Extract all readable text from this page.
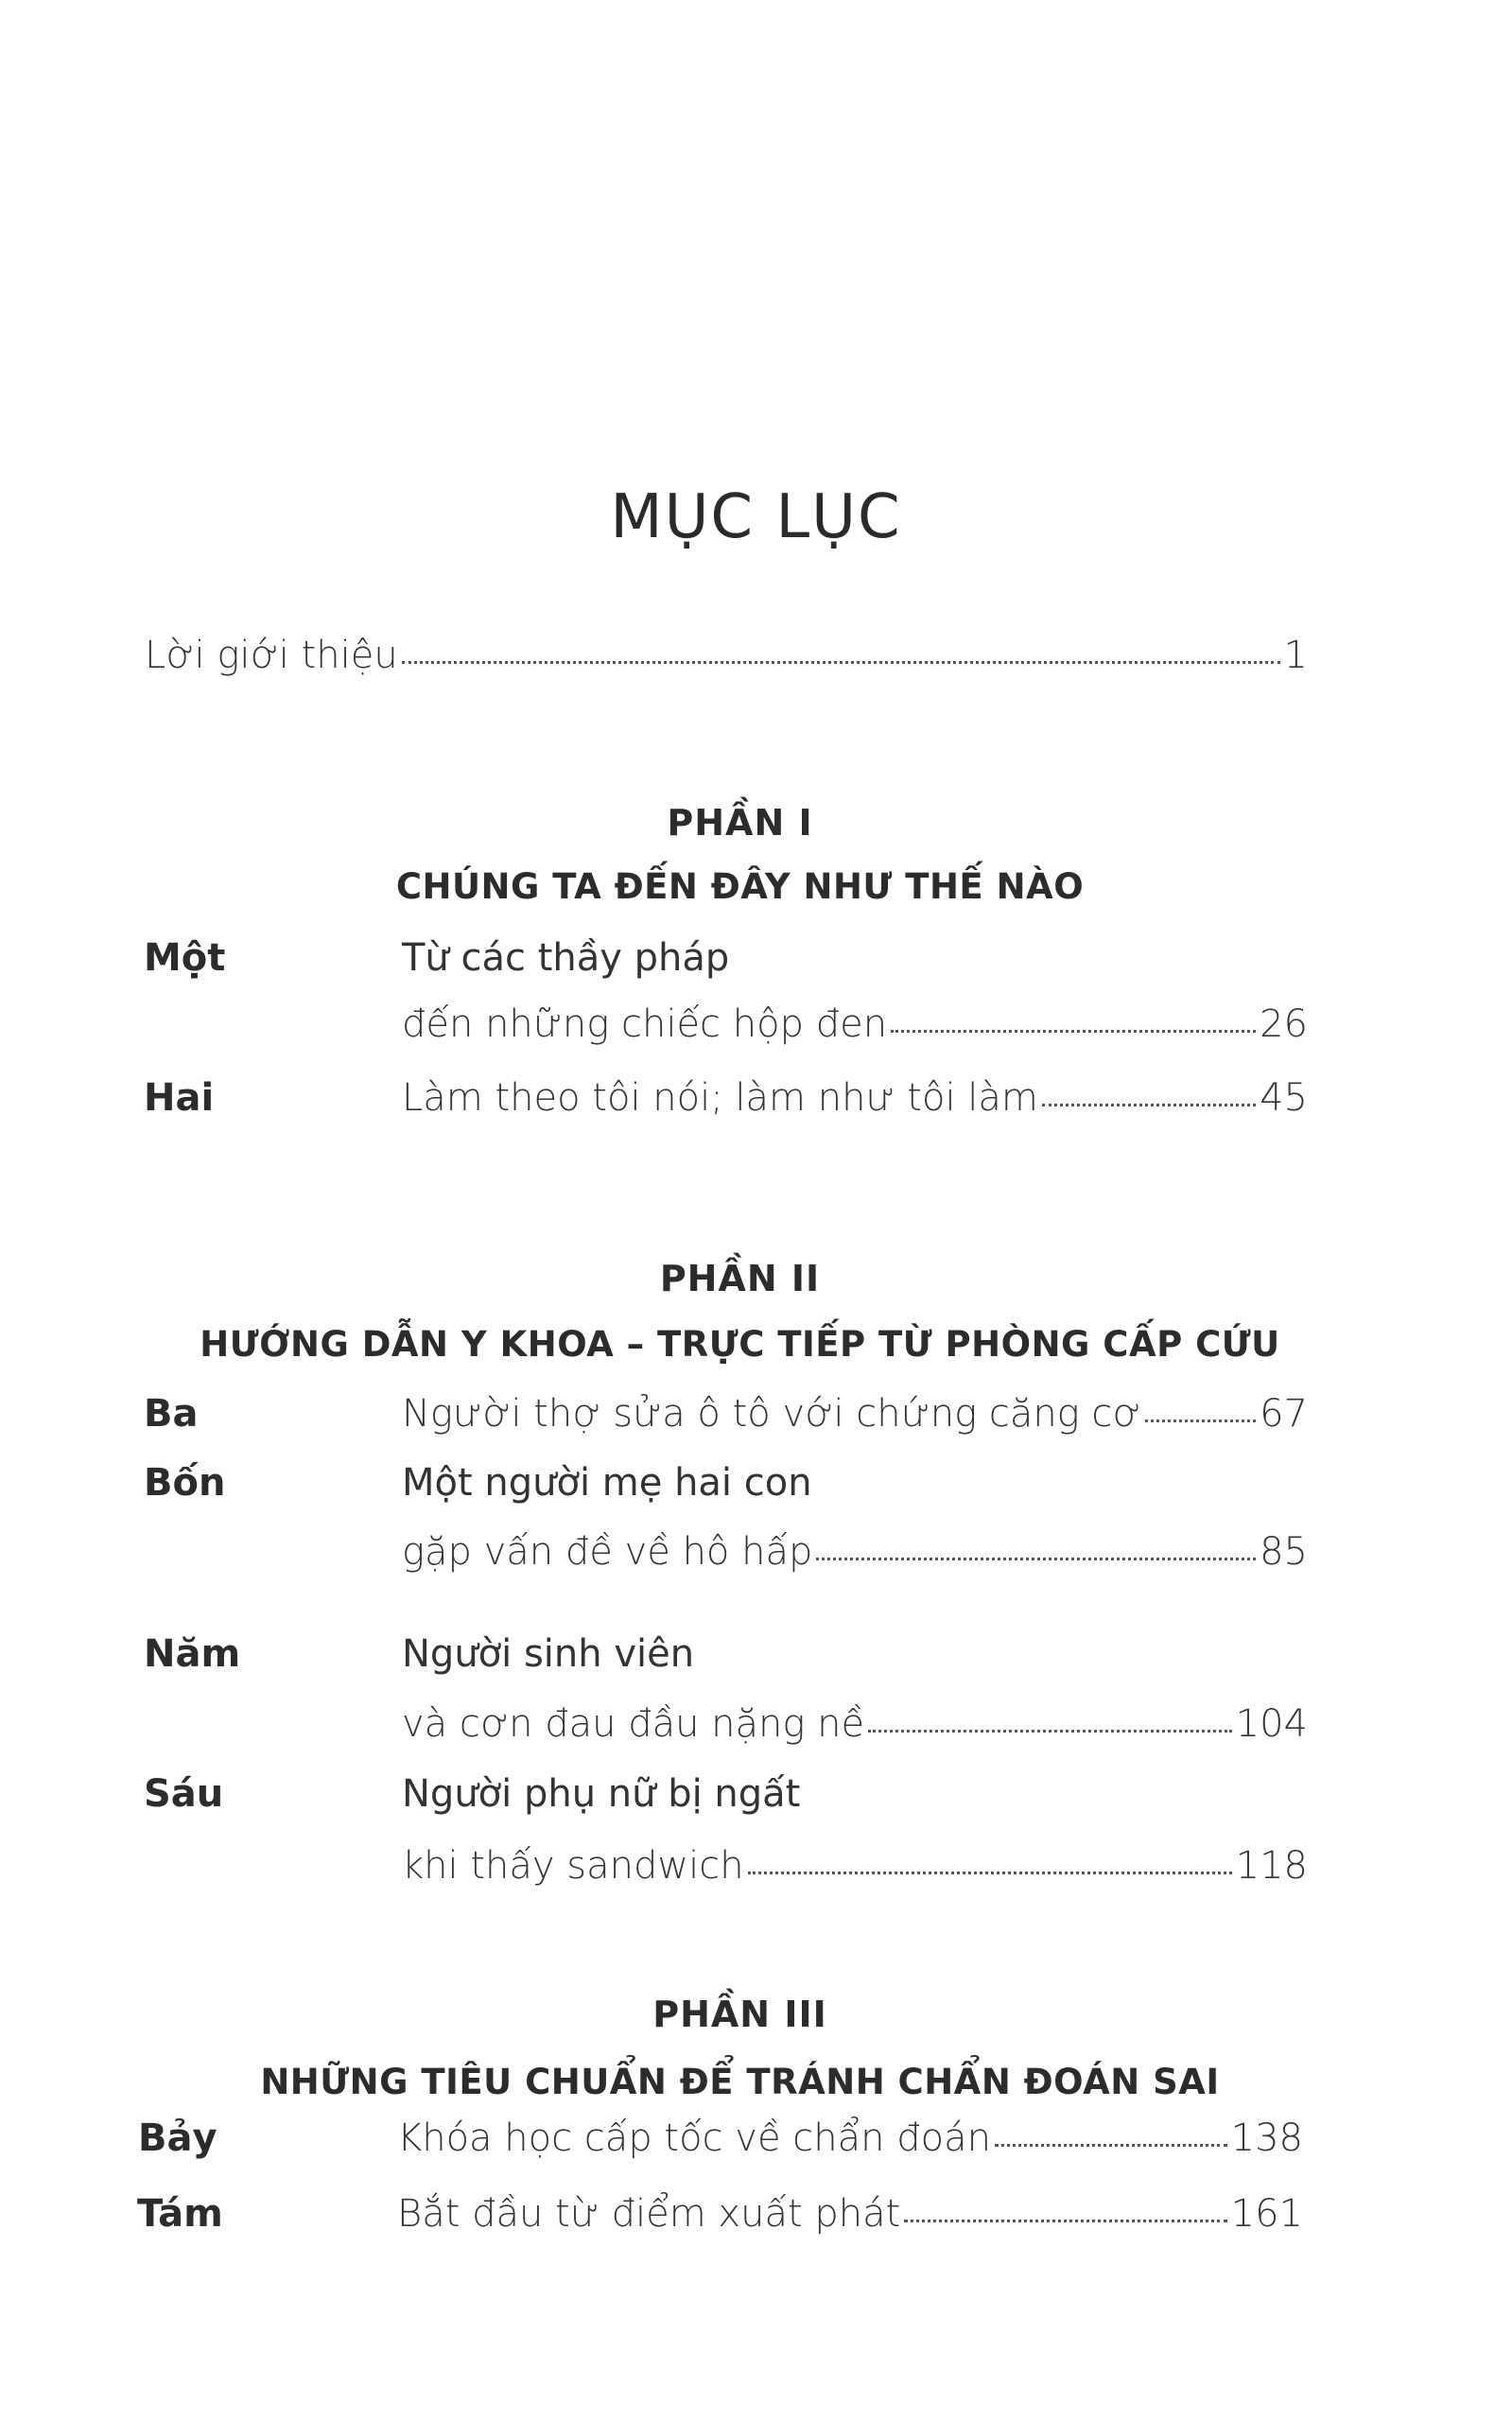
MỤC LỤC
Lời giới thiệu	1
PHẦN I
CHÚNG TA ĐẾN ĐÂY NHƯ THẾ NÀO
Một	Từ các thầy pháp
đến những chiếc hộp đen	26
Hai	Làm theo tôi nói; làm như tôi làm	45
PHẦN II
HƯỚNG DẪN Y KHOA – TRỰC TIẾP TỪ PHÒNG CẤP CỨU
Ba	Người thợ sửa ô tô với chứng căng cơ	67
Bốn	Một người mẹ hai con
gặp vấn đề về hô hấp	85
Năm	Người sinh viên
và cơn đau đầu nặng nề	104
Sáu	Người phụ nữ bị ngất
khi thấy sandwich	118
PHẦN III
NHỮNG TIÊU CHUẨN ĐỂ TRÁNH CHẨN ĐOÁN SAI
Bảy	Khóa học cấp tốc về chẩn đoán	138
Tám	Bắt đầu từ điểm xuất phát	161
